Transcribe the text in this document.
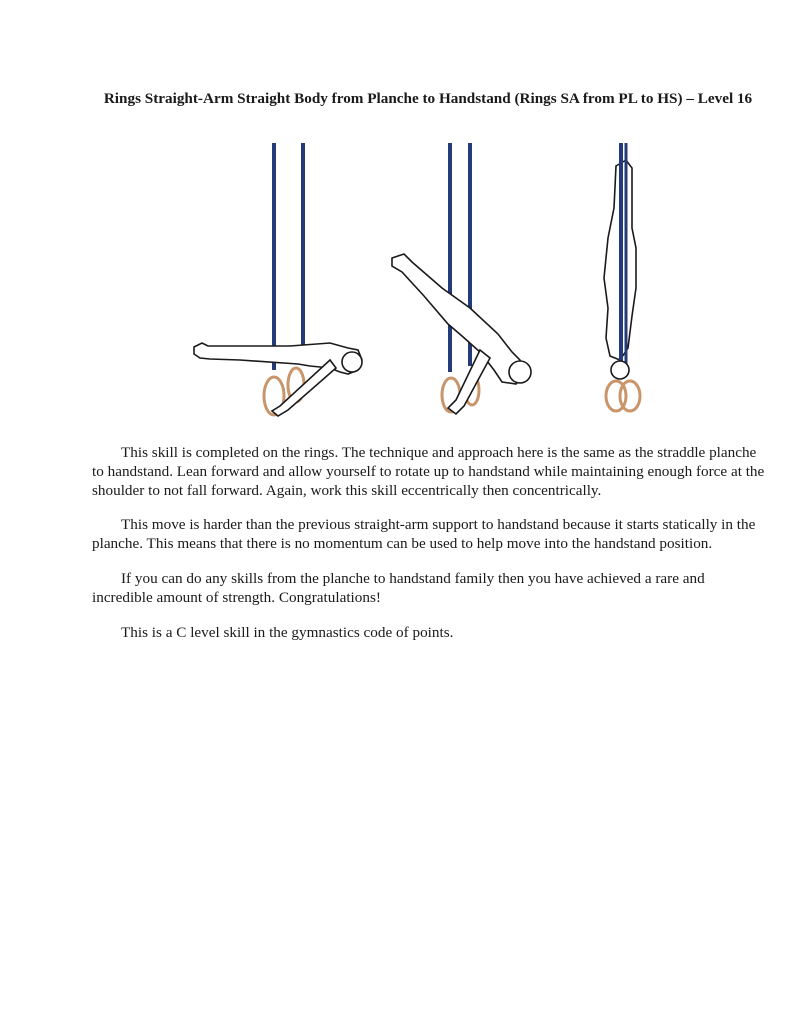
Rings Straight-Arm Straight Body from Planche to Handstand (Rings SA from PL to HS) – Level 16

This skill is completed on the rings. The technique and approach here is the same as the straddle planche to handstand. Lean forward and allow yourself to rotate up to handstand while maintaining enough force at the shoulder to not fall forward. Again, work this skill eccentrically then concentrically.

This move is harder than the previous straight-arm support to handstand because it starts statically in the planche. This means that there is no momentum can be used to help move into the handstand position.

If you can do any skills from the planche to handstand family then you have achieved a rare and incredible amount of strength. Congratulations!

This is a C level skill in the gymnastics code of points.
